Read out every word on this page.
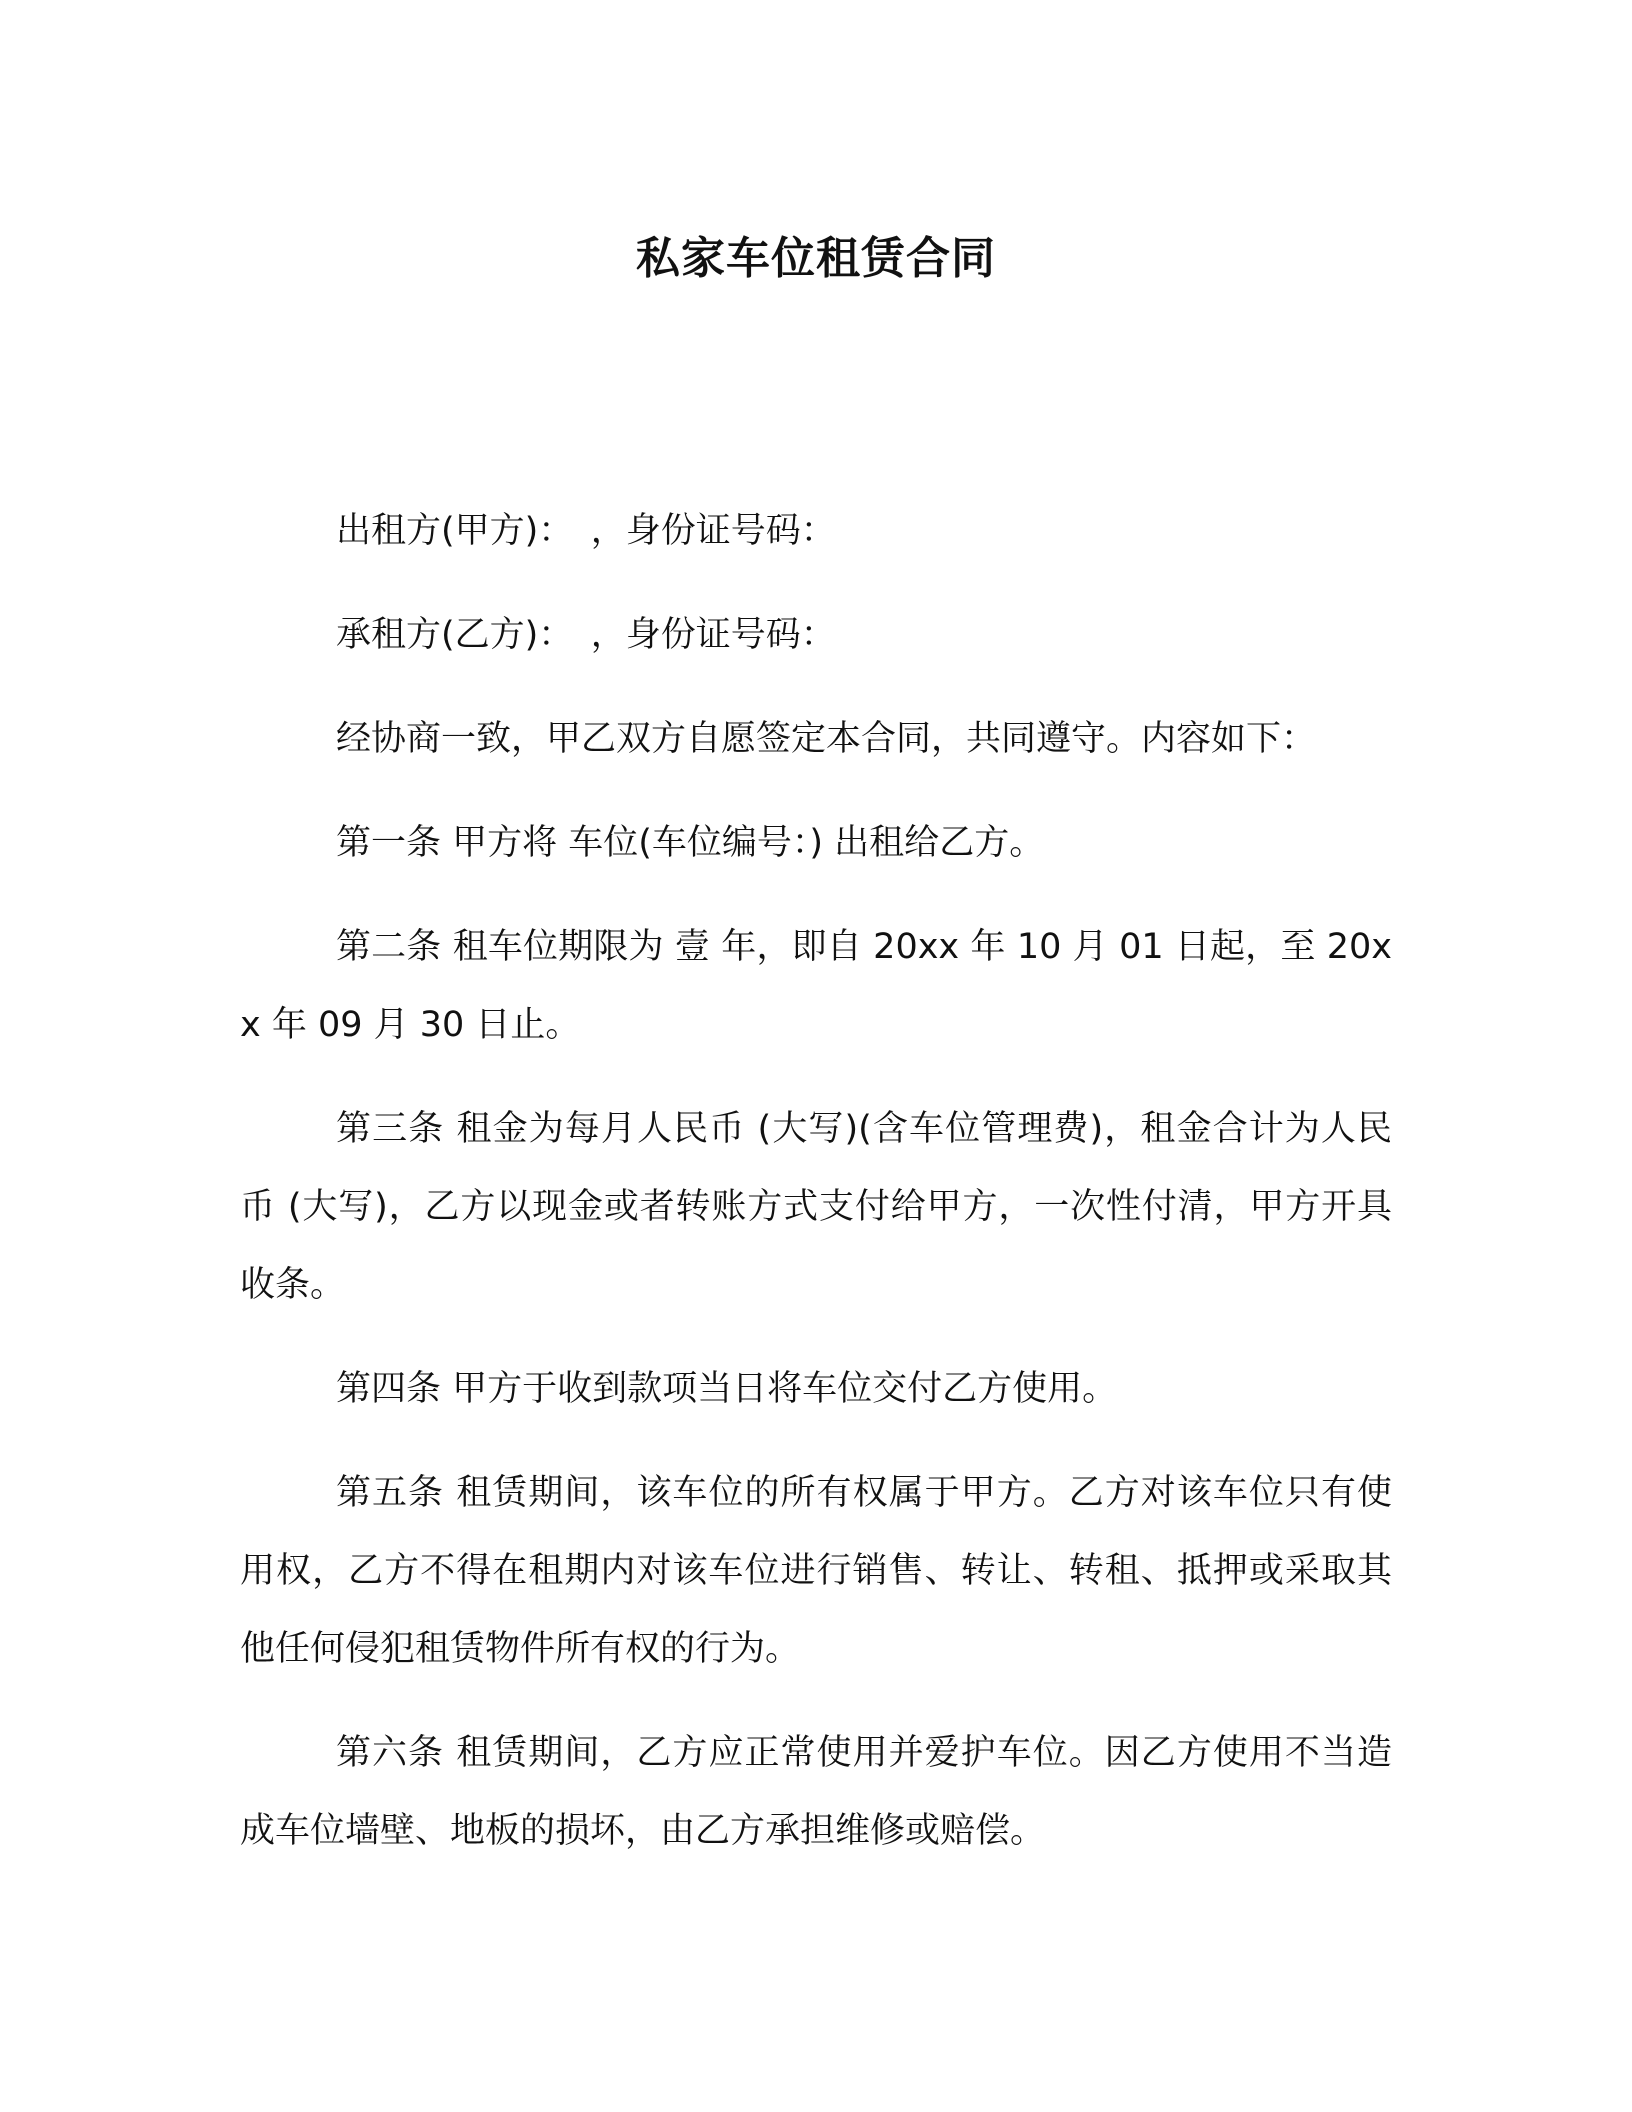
私家车位租赁合同

出租方(甲方)：　，身份证号码：

承租方(乙方)：　，身份证号码：

经协商一致，甲乙双方自愿签定本合同，共同遵守。内容如下：

第一条 甲方将 车位(车位编号：) 出租给乙方。

第二条 租车位期限为 壹 年，即自 20xx 年 10 月 01 日起，至 20xx 年 09 月 30 日止。

第三条 租金为每月人民币 (大写)(含车位管理费)，租金合计为人民币 (大写)，乙方以现金或者转账方式支付给甲方，一次性付清，甲方开具收条。

第四条 甲方于收到款项当日将车位交付乙方使用。

第五条 租赁期间，该车位的所有权属于甲方。乙方对该车位只有使用权，乙方不得在租期内对该车位进行销售、转让、转租、抵押或采取其他任何侵犯租赁物件所有权的行为。

第六条 租赁期间，乙方应正常使用并爱护车位。因乙方使用不当造成车位墙壁、地板的损坏，由乙方承担维修或赔偿。
